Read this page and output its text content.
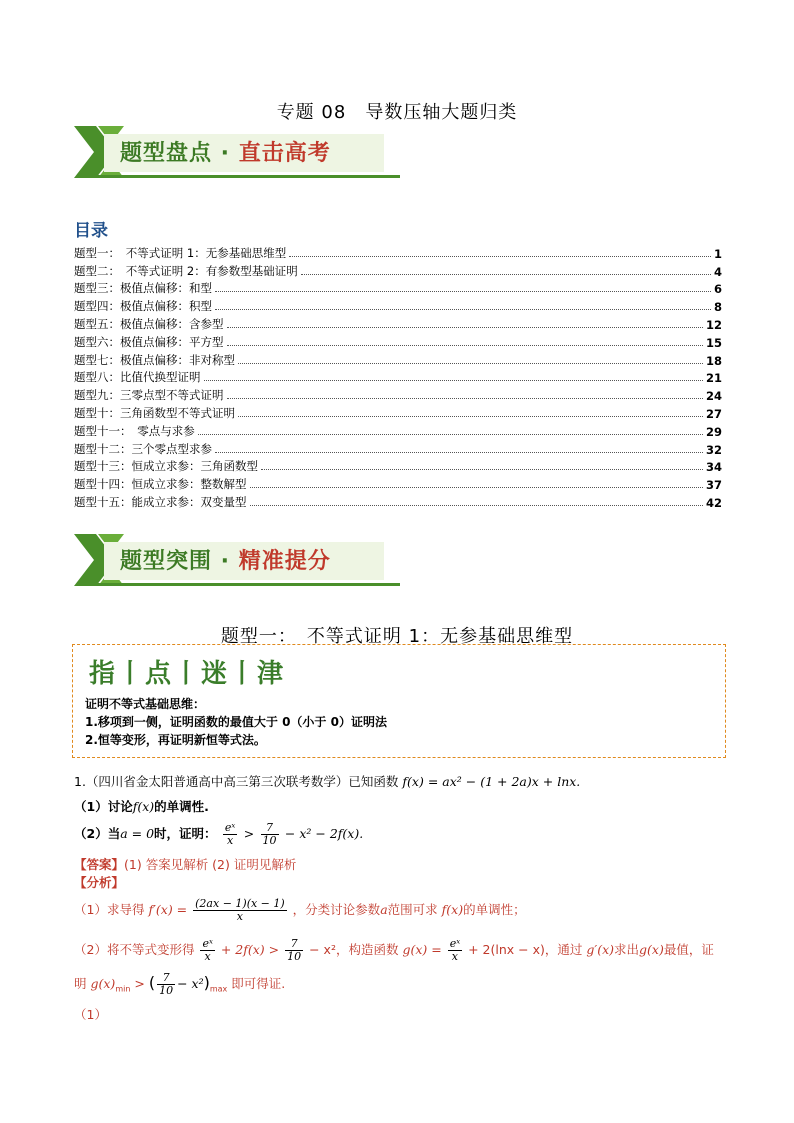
专题 08　导数压轴大题归类
题型盘点 · 直击高考
目录
题型一：　不等式证明 1：无参基础思维型	1
题型二：　不等式证明 2：有参数型基础证明	4
题型三：极值点偏移：和型	6
题型四：极值点偏移：积型	8
题型五：极值点偏移：含参型	12
题型六：极值点偏移：平方型	15
题型七：极值点偏移：非对称型	18
题型八：比值代换型证明	21
题型九：三零点型不等式证明	24
题型十：三角函数型不等式证明	27
题型十一：　零点与求参	29
题型十二：三个零点型求参	32
题型十三：恒成立求参：三角函数型	34
题型十四：恒成立求参：整数解型	37
题型十五：能成立求参：双变量型	42
题型突围 · 精准提分
题型一：　不等式证明 1：无参基础思维型
指丨点丨迷丨津
证明不等式基础思维：
1.移项到一侧，证明函数的最值大于 0（小于 0）证明法
2.恒等变形，再证明新恒等式法。
1.（四川省金太阳普通高中高三第三次联考数学）已知函数 f(x) = ax² − (1 + 2a)x + lnx.
（1）讨论f(x)的单调性.
（2）当a = 0时，证明： $\frac{\text{eˣ}}{x} > \frac{7}{10} - x^2 - 2f(x)$.
【答案】(1) 答案见解析 (2) 证明见解析
【分析】
（1）求导得 $f'(x) = \frac{(2ax - 1)(x - 1)}{x}$ ，分类讨论参数a范围可求 f(x)的单调性；
（2）将不等式变形得 $\frac{\text{eˣ}}{x} + 2f(x) > \frac{7}{10} - x^2$，构造函数 $g(x) = \frac{\text{eˣ}}{x} + 2(\ln x - x)$，通过 g′(x)求出g(x)最值，证
明 $g(x)_{min}$ > ( $\frac{7}{10} - x^2)_{max}$ 即可得证.
（1）
